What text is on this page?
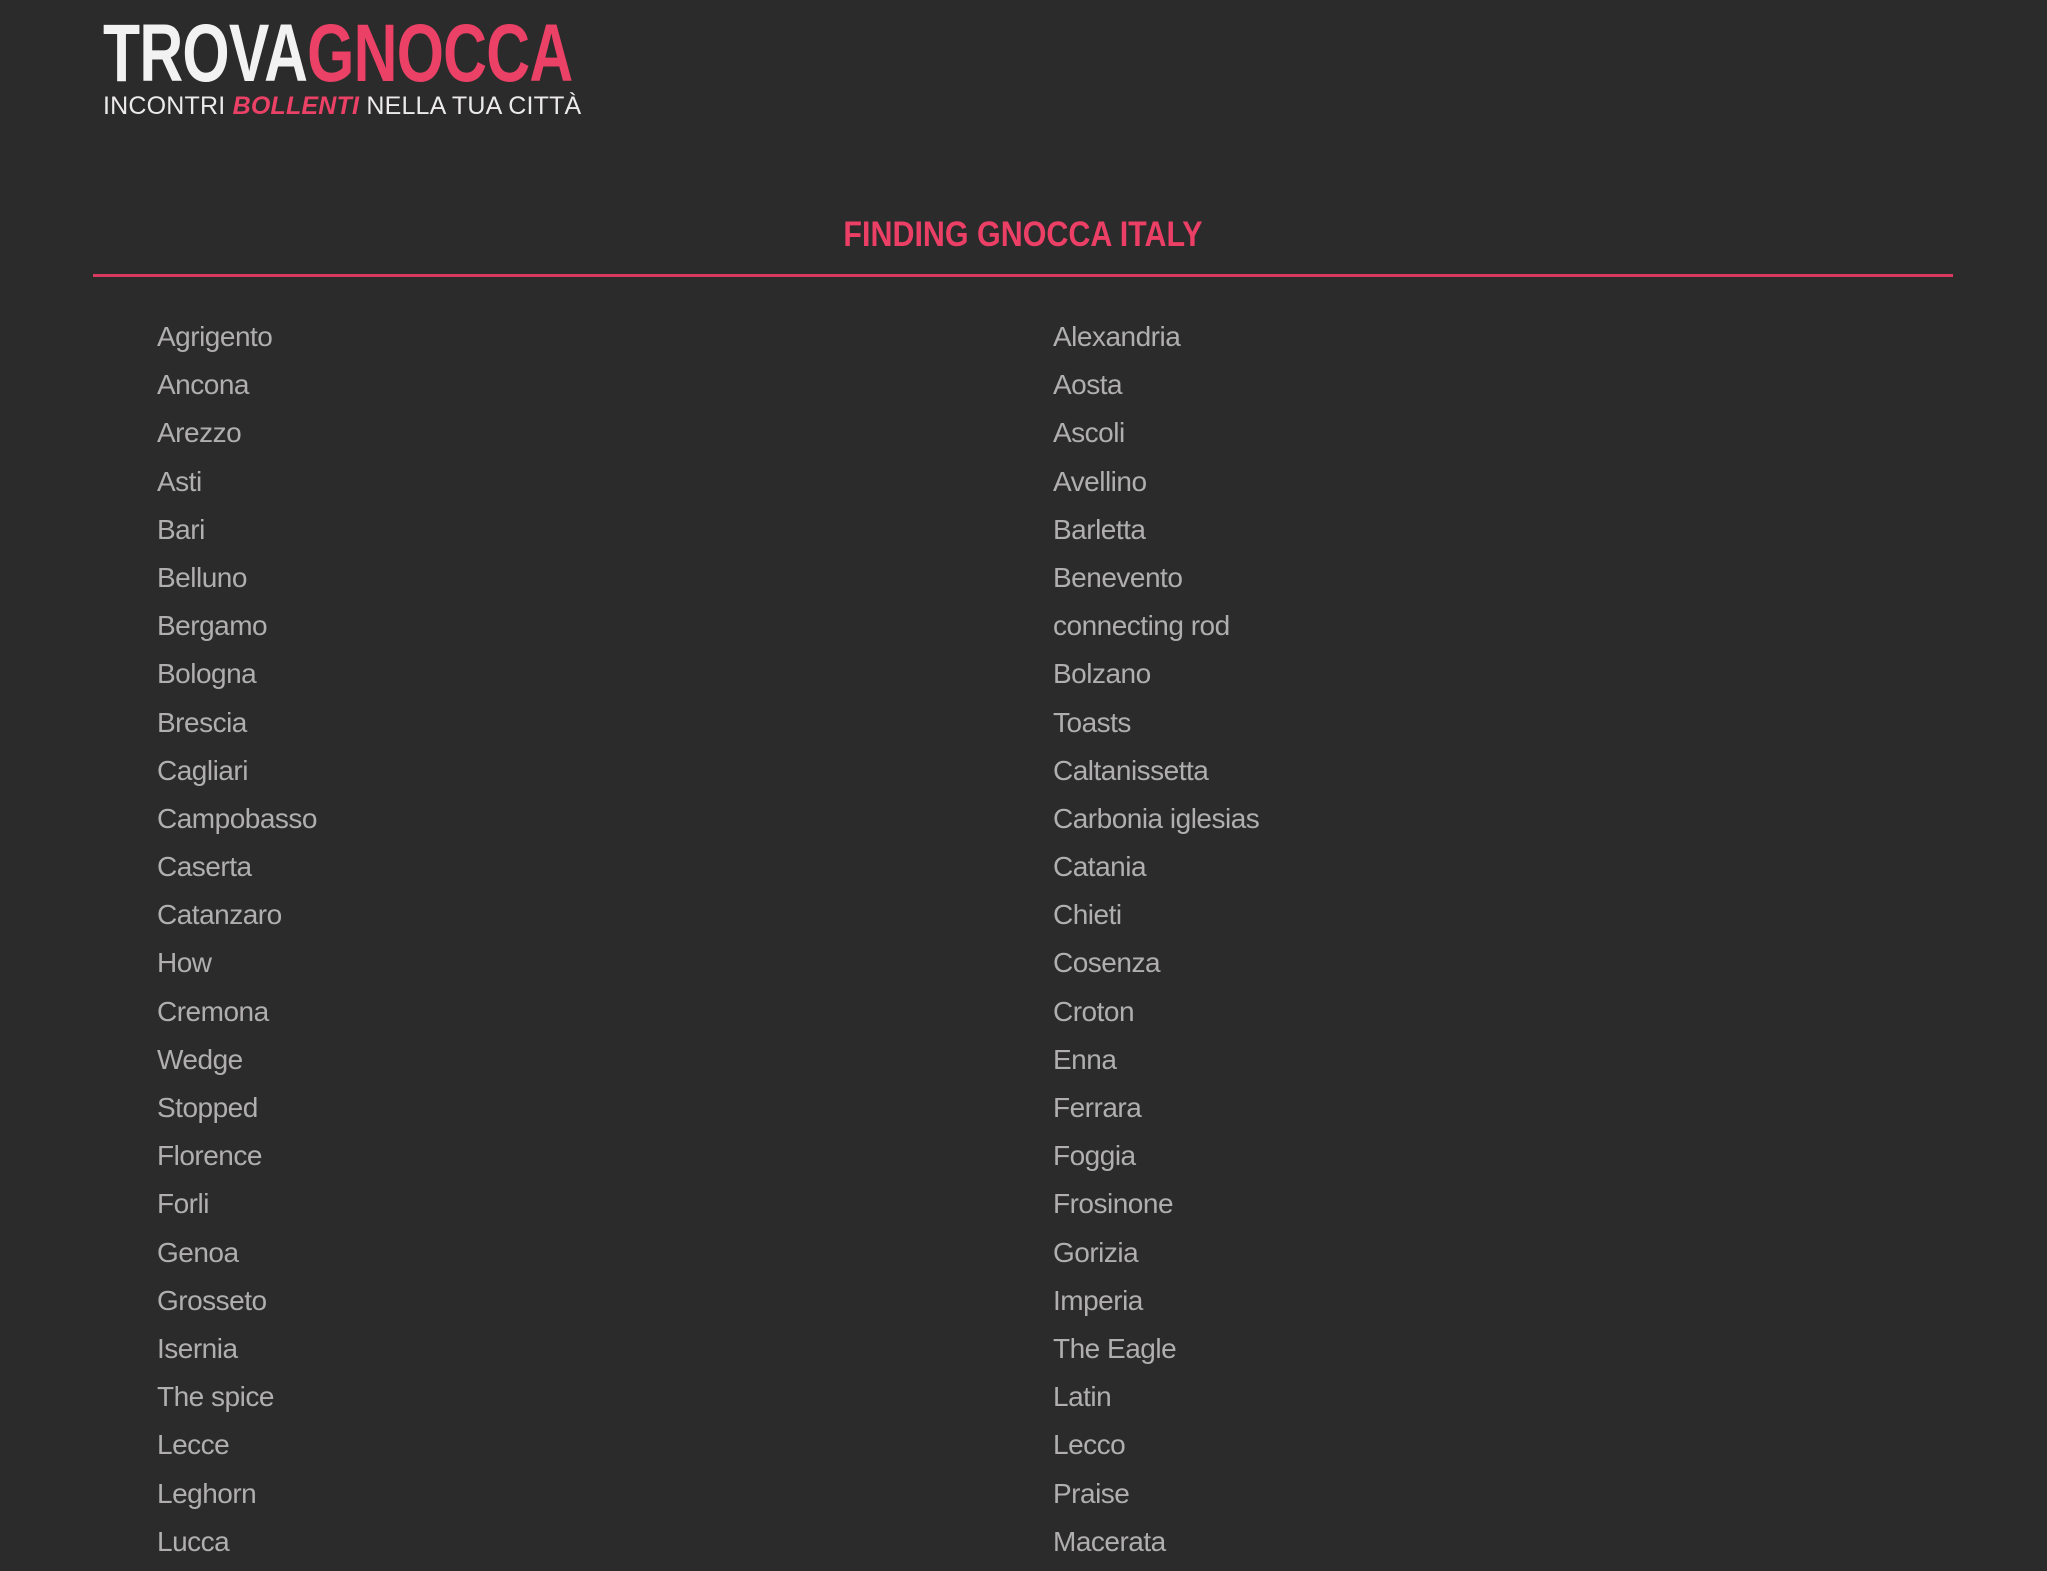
TROVAGNOCCA
INCONTRI BOLLENTI NELLA TUA CITTÀ
FINDING GNOCCA ITALY
Agrigento
Ancona
Arezzo
Asti
Bari
Belluno
Bergamo
Bologna
Brescia
Cagliari
Campobasso
Caserta
Catanzaro
How
Cremona
Wedge
Stopped
Florence
Forli
Genoa
Grosseto
Isernia
The spice
Lecce
Leghorn
Lucca
Alexandria
Aosta
Ascoli
Avellino
Barletta
Benevento
connecting rod
Bolzano
Toasts
Caltanissetta
Carbonia iglesias
Catania
Chieti
Cosenza
Croton
Enna
Ferrara
Foggia
Frosinone
Gorizia
Imperia
The Eagle
Latin
Lecco
Praise
Macerata
